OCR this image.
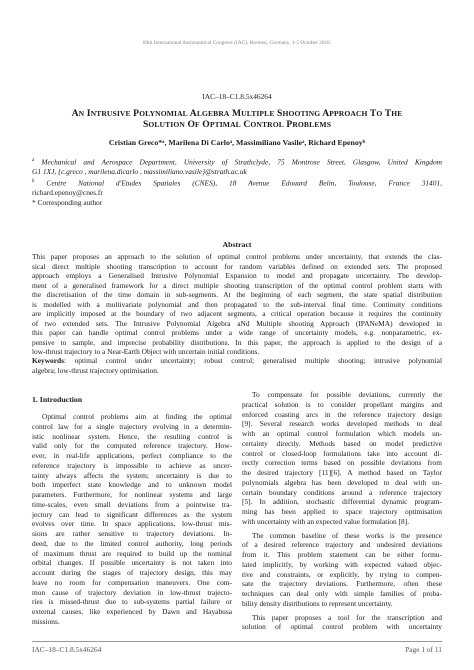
69th International Astronautical Congress (IAC), Bremen, Germany, 1-5 October 2018.
IAC–18–C1.8.5x46264
AN INTRUSIVE POLYNOMIAL ALGEBRA MULTIPLE SHOOTING APPROACH TO THE
SOLUTION OF OPTIMAL CONTROL PROBLEMS
Cristian Greco*ᵃ, Marilena Di Carloᵃ, Massimiliano Vasileᵃ, Richard Epenoyᵇ
$^a$ Mechanical and Aerospace Department, University of Strathclyde, 75 Montrose Street, Glasgow, United Kingdom
G1 1XJ, {c.greco , marilena.dicarlo , massimiliano.vasile}@strath.ac.uk
$^b$ Centre National d'Etudes Spatiales (CNES), 18 Avenue Edouard Belin, Toulouse, France 31401,
richard.epenoy@cnes.fr
* Corresponding author
Abstract
This paper proposes an approach to the solution of optimal control problems under uncertainty, that extends the clas-
sical direct multiple shooting transcription to account for random variables defined on extended sets. The proposed
approach employs a Generalised Intrusive Polynomial Expansion to model and propagate uncertainty. The develop-
ment of a generalised framework for a direct multiple shooting transcription of the optimal control problem starts with
the discretisation of the time domain in sub-segments. At the beginning of each segment, the state spatial distribution
is modelled with a multivariate polynomial and then propagated to the sub-interval final time. Continuity conditions
are implicitly imposed at the boundary of two adjacent segments, a critical operation because it requires the continuity
of two extended sets. The Intrusive Polynomial Algebra aNd Multiple shooting Approach (IPANeMA) developed in
this paper can handle optimal control problems under a wide range of uncertainty models, e.g. nonparametric, ex-
pensive to sample, and imprecise probability distributions. In this paper, the approach is applied to the design of a
low-thrust trajectory to a Near-Earth Object with uncertain initial conditions.
Keywords: optimal control under uncertainty; robust control; generalised multiple shooting; intrusive polynomial
algebra; low-thrust trajectory optimisation.
1. Introduction
Optimal control problems aim at finding the optimal
control law for a single trajectory evolving in a determin-
istic nonlinear system. Hence, the resulting control is
valid only for the computed reference trajectory. How-
ever, in real-life applications, perfect compliance to the
reference trajectory is impossible to achieve as uncer-
tainty always affects the system; uncertainty is due to
both imperfect state knowledge and to unknown model
parameters. Furthermore, for nonlinear systems and large
time-scales, even small deviations from a pointwise tra-
jectory can lead to significant differences as the system
evolves over time. In space applications, low-thrust mis-
sions are rather sensitive to trajectory deviations. In-
deed, due to the limited control authority, long periods
of maximum thrust are required to build up the nominal
orbital changes. If possible uncertainty is not taken into
account during the stages of trajectory design, this may
leave no room for compensation maneuvers. One com-
mon cause of trajectory deviation in low-thrust trajecto-
ries is missed-thrust due to sub-systems partial failure or
external causes, like experienced by Dawn and Hayabusa
missions.
To compensate for possible deviations, currently the
practical solution is to consider propellant margins and
enforced coasting arcs in the reference trajectory design
[9]. Several research works developed methods to deal
with an optimal control formulation which models un-
certainty directly. Methods based on model predictive
control or closed-loop formulations take into account di-
rectly correction terms based on possible deviations from
the desired trajectory [11][6]. A method based on Taylor
polynomials algebra has been developed to deal with un-
certain boundary conditions around a reference trajectory
[5]. In addition, stochastic differential dynamic program-
ming has been applied to space trajectory optimisation
with uncertainty with an expected value formulation [8].
The common baseline of these works is the presence
of a desired reference trajectory and undesired deviations
from it. This problem statement can be either formu-
lated implicitly, by working with expected valued objec-
tive and constraints, or explicitly, by trying to compen-
sate the trajectory deviations. Furthermore, often these
techniques can deal only with simple families of proba-
bility density distributions to represent uncertainty.
This paper proposes a tool for the transcription and
solution of optimal control problem with uncertainty
IAC–18–C1.8.5x46264	Page 1 of 11
